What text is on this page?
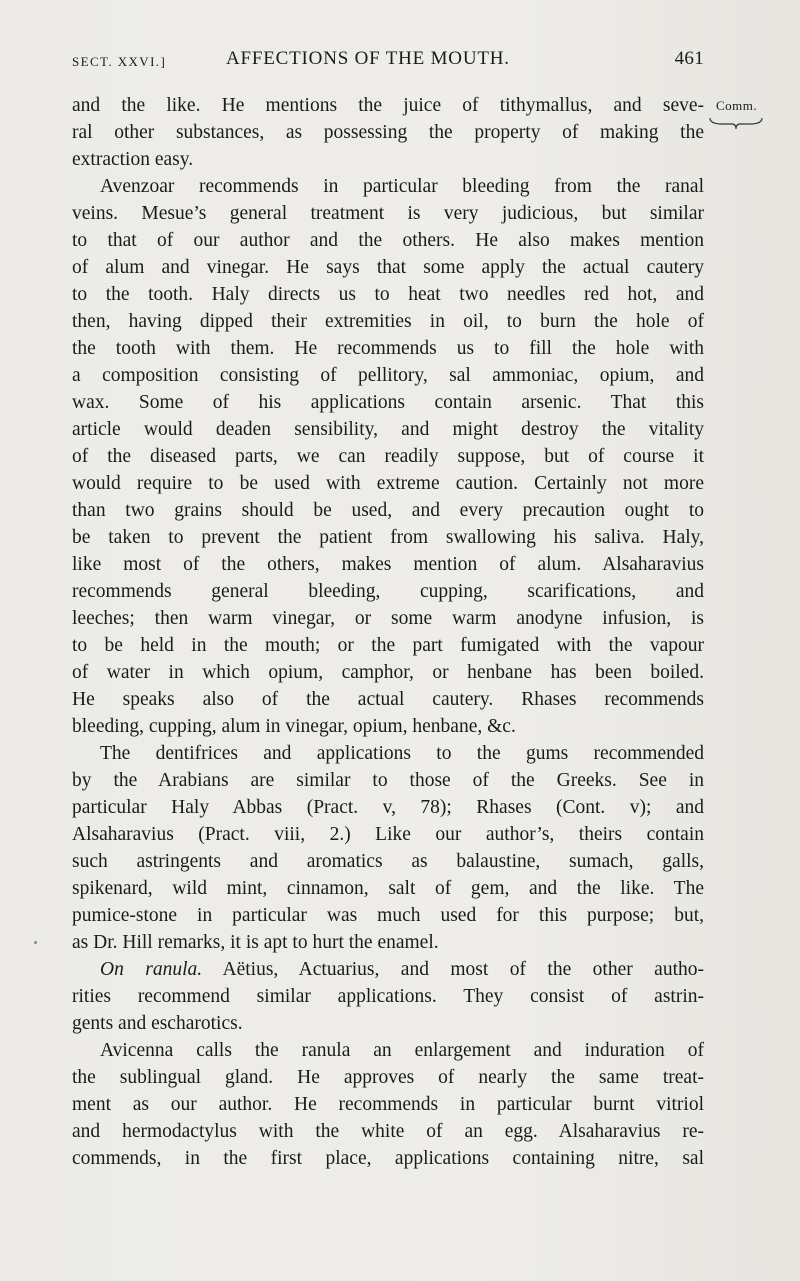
SECT. XXVI.]	AFFECTIONS OF THE MOUTH.	461
Comm.
and the like. He mentions the juice of tithymallus, and seve-
ral other substances, as possessing the property of making the
extraction easy.
Avenzoar recommends in particular bleeding from the ranal
veins. Mesue’s general treatment is very judicious, but similar
to that of our author and the others. He also makes mention
of alum and vinegar. He says that some apply the actual cautery
to the tooth. Haly directs us to heat two needles red hot, and
then, having dipped their extremities in oil, to burn the hole of
the tooth with them. He recommends us to fill the hole with
a composition consisting of pellitory, sal ammoniac, opium, and
wax. Some of his applications contain arsenic. That this
article would deaden sensibility, and might destroy the vitality
of the diseased parts, we can readily suppose, but of course it
would require to be used with extreme caution. Certainly not more
than two grains should be used, and every precaution ought to
be taken to prevent the patient from swallowing his saliva. Haly,
like most of the others, makes mention of alum. Alsaharavius
recommends general bleeding, cupping, scarifications, and
leeches; then warm vinegar, or some warm anodyne infusion, is
to be held in the mouth; or the part fumigated with the vapour
of water in which opium, camphor, or henbane has been boiled.
He speaks also of the actual cautery. Rhases recommends
bleeding, cupping, alum in vinegar, opium, henbane, &c.
The dentifrices and applications to the gums recommended
by the Arabians are similar to those of the Greeks. See in
particular Haly Abbas (Pract. v, 78); Rhases (Cont. v); and
Alsaharavius (Pract. viii, 2.) Like our author’s, theirs contain
such astringents and aromatics as balaustine, sumach, galls,
spikenard, wild mint, cinnamon, salt of gem, and the like. The
pumice-stone in particular was much used for this purpose; but,
as Dr. Hill remarks, it is apt to hurt the enamel.
On ranula. Aëtius, Actuarius, and most of the other autho-
rities recommend similar applications. They consist of astrin-
gents and escharotics.
Avicenna calls the ranula an enlargement and induration of
the sublingual gland. He approves of nearly the same treat-
ment as our author. He recommends in particular burnt vitriol
and hermodactylus with the white of an egg. Alsaharavius re-
commends, in the first place, applications containing nitre, sal
